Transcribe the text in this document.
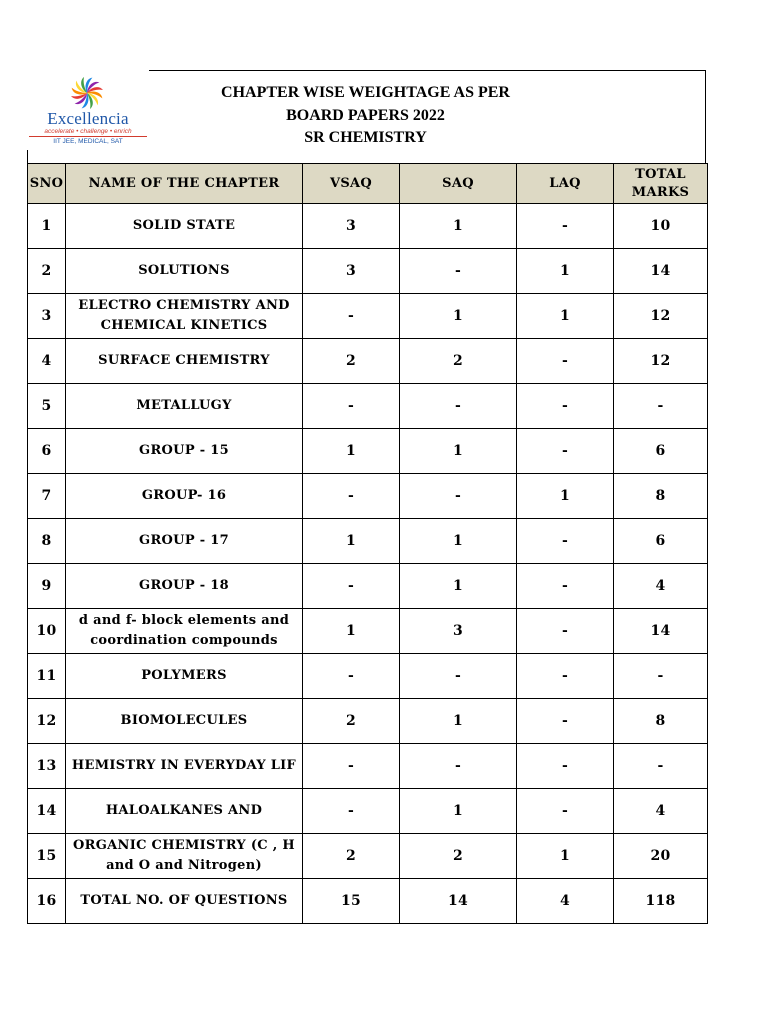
Excellencia
accelerate • challenge • enrich
IIT JEE, MEDICAL, SAT
CHAPTER WISE WEIGHTAGE AS PER
BOARD PAPERS 2022
SR CHEMISTRY
SNO	NAME OF THE CHAPTER	VSAQ	SAQ	LAQ	TOTAL MARKS
1	SOLID STATE	3	1	-	10
2	SOLUTIONS	3	-	1	14
3	ELECTRO CHEMISTRY AND CHEMICAL KINETICS	-	1	1	12
4	SURFACE CHEMISTRY	2	2	-	12
5	METALLUGY	-	-	-	-
6	GROUP - 15	1	1	-	6
7	GROUP- 16	-	-	1	8
8	GROUP - 17	1	1	-	6
9	GROUP - 18	-	1	-	4
10	d and f- block elements and coordination compounds	1	3	-	14
11	POLYMERS	-	-	-	-
12	BIOMOLECULES	2	1	-	8
13	HEMISTRY IN EVERYDAY LIF	-	-	-	-
14	HALOALKANES AND	-	1	-	4
15	ORGANIC CHEMISTRY (C , H and O and Nitrogen)	2	2	1	20
16	TOTAL NO. OF QUESTIONS	15	14	4	118
